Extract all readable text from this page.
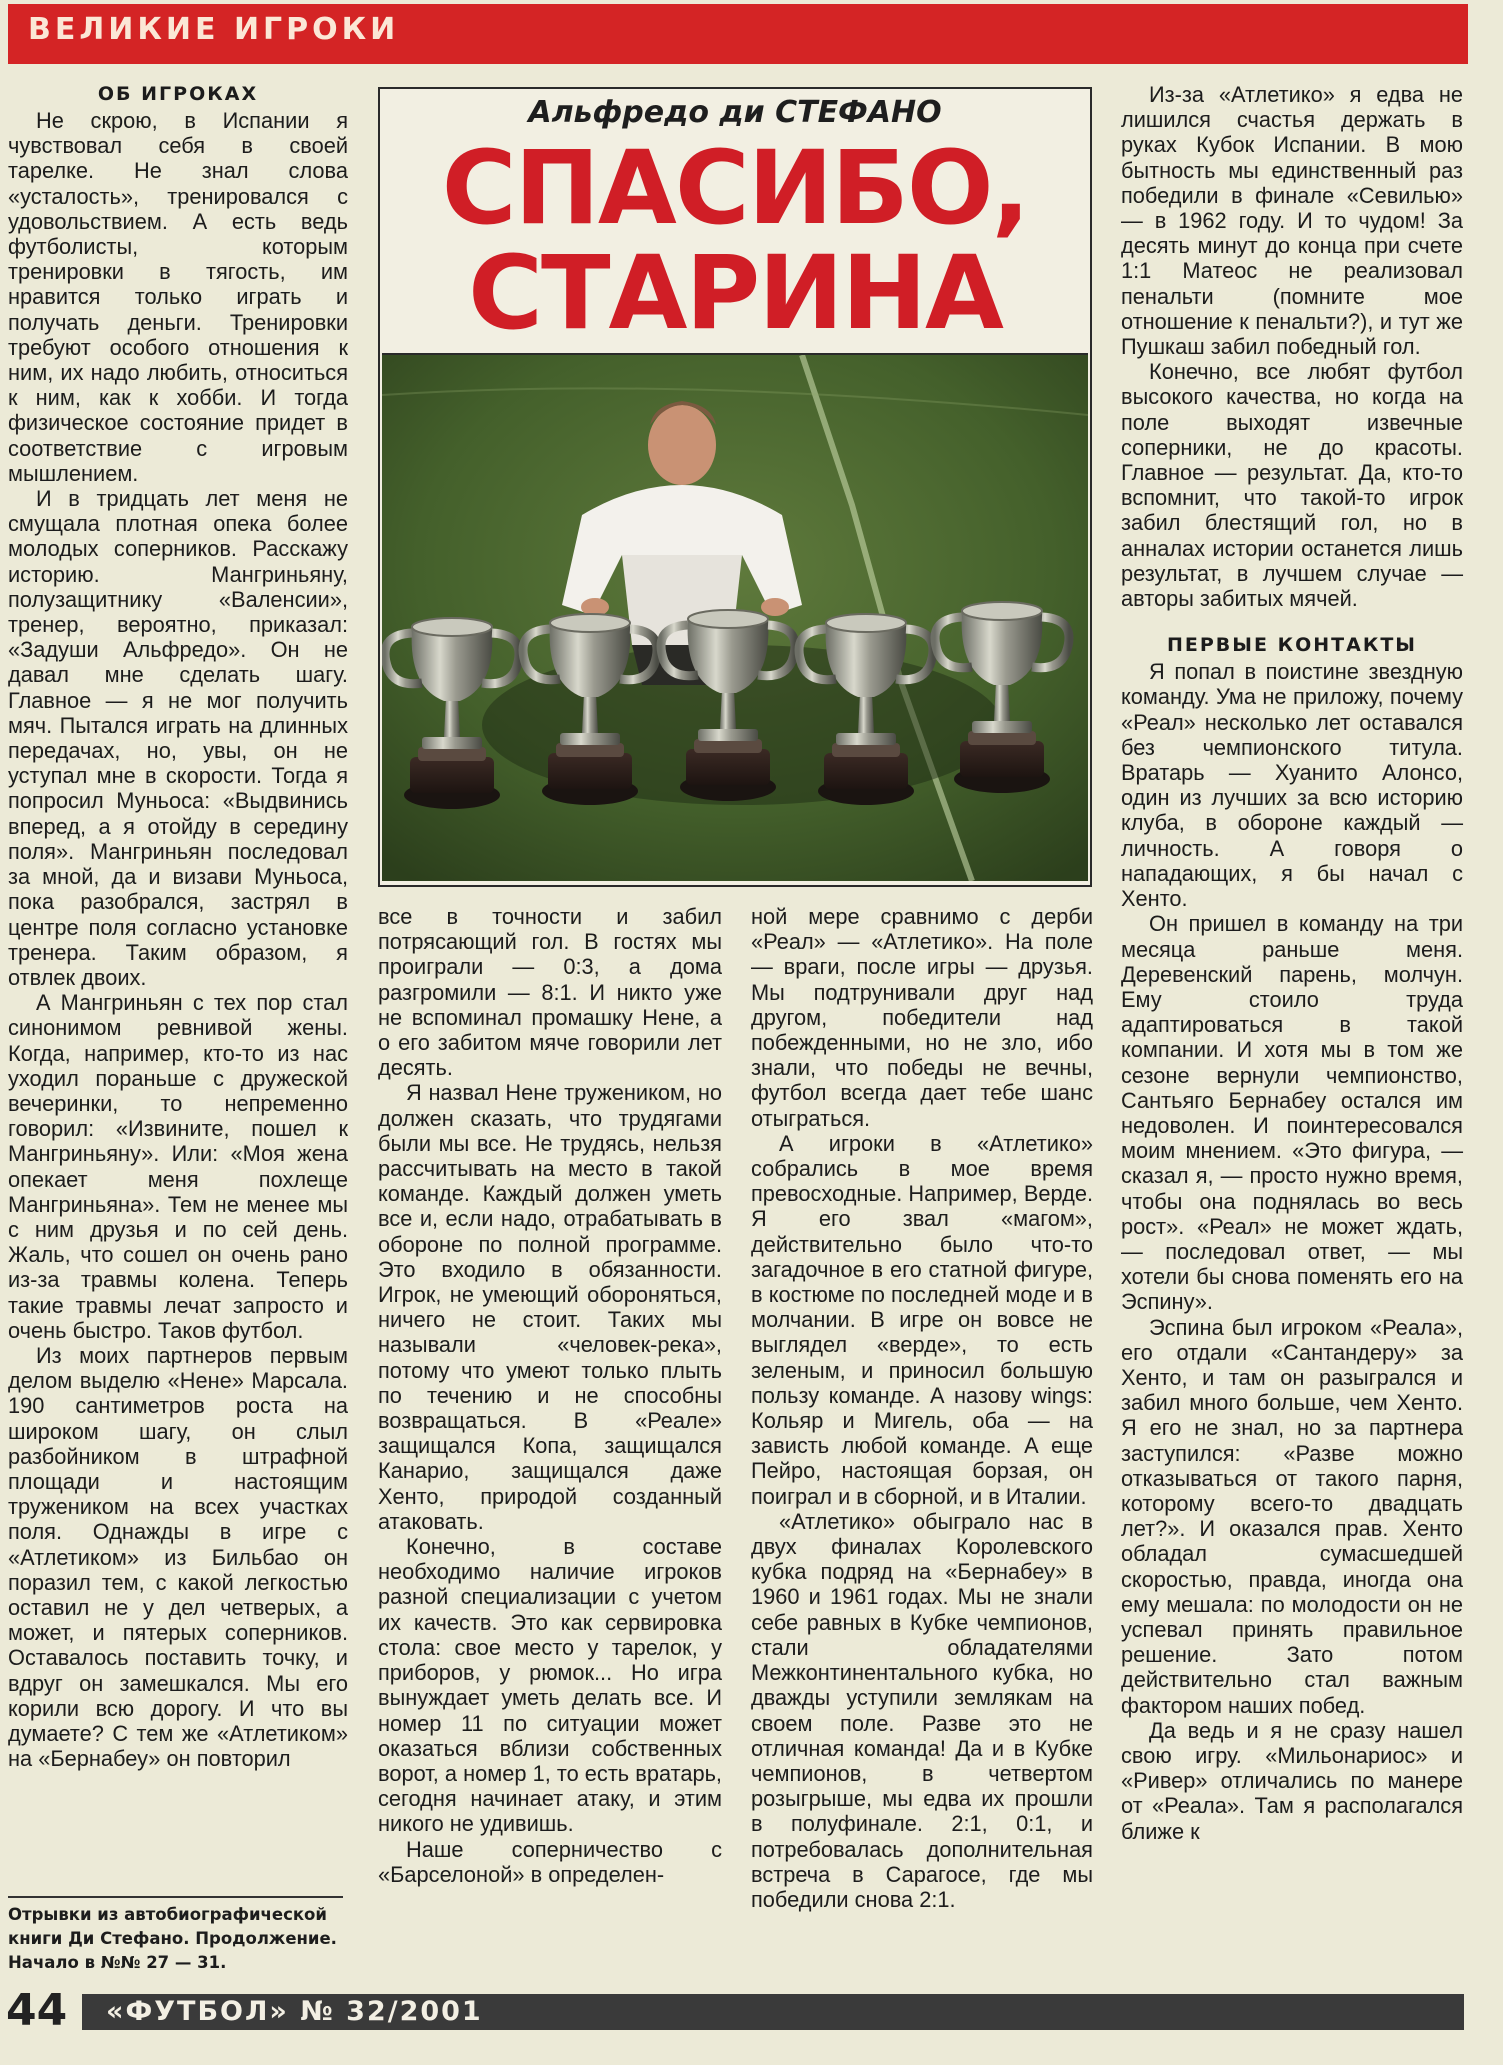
ВЕЛИКИЕ ИГРОКИ
ОБ ИГРОКАХ

Не скрою, в Испании я чувствовал себя в своей тарелке. Не знал слова «усталость», тренировался с удовольствием. А есть ведь футболисты, которым тренировки в тягость, им нравится только играть и получать деньги. Тренировки требуют особого отношения к ним, их надо любить, относиться к ним, как к хобби. И тогда физическое состояние придет в соответствие с игровым мышлением.

И в тридцать лет меня не смущала плотная опека более молодых соперников. Расскажу историю. Мангриньяну, полузащитнику «Валенсии», тренер, вероятно, приказал: «Задуши Альфредо». Он не давал мне сделать шагу. Главное — я не мог получить мяч. Пытался играть на длинных передачах, но, увы, он не уступал мне в скорости. Тогда я попросил Муньоса: «Выдвинись вперед, а я отойду в середину поля». Мангриньян последовал за мной, да и визави Муньоса, пока разобрался, застрял в центре поля согласно установке тренера. Таким образом, я отвлек двоих.

А Мангриньян с тех пор стал синонимом ревнивой жены. Когда, например, кто-то из нас уходил пораньше с дружеской вечеринки, то непременно говорил: «Извините, пошел к Мангриньяну». Или: «Моя жена опекает меня похлеще Мангриньяна». Тем не менее мы с ним друзья и по сей день. Жаль, что сошел он очень рано из-за травмы колена. Теперь такие травмы лечат запросто и очень быстро. Таков футбол.

Из моих партнеров первым делом выделю «Нене» Марсала. 190 сантиметров роста на широком шагу, он слыл разбойником в штрафной площади и настоящим тружеником на всех участках поля. Однажды в игре с «Атлетиком» из Бильбао он поразил тем, с какой легкостью оставил не у дел четверых, а может, и пятерых соперников. Оставалось поставить точку, и вдруг он замешкался. Мы его корили всю дорогу. И что вы думаете? С тем же «Атлетиком» на «Бернабеу» он повторил

Отрывки из автобиографической книги Ди Стефано. Продолжение. Начало в №№ 27 — 31.
Альфредо ди СТЕФАНО
СПАСИБО,
СТАРИНА

все в точности и забил потрясающий гол. В гостях мы проиграли — 0:3, а дома разгромили — 8:1. И никто уже не вспоминал промашку Нене, а о его забитом мяче говорили лет десять.

Я назвал Нене тружеником, но должен сказать, что трудягами были мы все. Не трудясь, нельзя рассчитывать на место в такой команде. Каждый должен уметь все и, если надо, отрабатывать в обороне по полной программе. Это входило в обязанности. Игрок, не умеющий обороняться, ничего не стоит. Таких мы называли «человек-река», потому что умеют только плыть по течению и не способны возвращаться. В «Реале» защищался Копа, защищался Канарио, защищался даже Хенто, природой созданный атаковать.

Конечно, в составе необходимо наличие игроков разной специализации с учетом их качеств. Это как сервировка стола: свое место у тарелок, у приборов, у рюмок... Но игра вынуждает уметь делать все. И номер 11 по ситуации может оказаться вблизи собственных ворот, а номер 1, то есть вратарь, сегодня начинает атаку, и этим никого не удивишь.

Наше соперничество с «Барселоной» в определен-

ной мере сравнимо с дерби «Реал» — «Атлетико». На поле — враги, после игры — друзья. Мы подтрунивали друг над другом, победители над побежденными, но не зло, ибо знали, что победы не вечны, футбол всегда дает тебе шанс отыграться.

А игроки в «Атлетико» собрались в мое время превосходные. Например, Верде. Я его звал «магом», действительно было что-то загадочное в его статной фигуре, в костюме по последней моде и в молчании. В игре он вовсе не выглядел «верде», то есть зеленым, и приносил большую пользу команде. А назову wings: Кольяр и Мигель, оба — на зависть любой команде. А еще Пейро, настоящая борзая, он поиграл и в сборной, и в Италии.

«Атлетико» обыграло нас в двух финалах Королевского кубка подряд на «Бернабеу» в 1960 и 1961 годах. Мы не знали себе равных в Кубке чемпионов, стали обладателями Межконтинентального кубка, но дважды уступили землякам на своем поле. Разве это не отличная команда! Да и в Кубке чемпионов, в четвертом розыгрыше, мы едва их прошли в полуфинале. 2:1, 0:1, и потребовалась дополнительная встреча в Сарагосе, где мы победили снова 2:1.

Из-за «Атлетико» я едва не лишился счастья держать в руках Кубок Испании. В мою бытность мы единственный раз победили в финале «Севилью» — в 1962 году. И то чудом! За десять минут до конца при счете 1:1 Матеос не реализовал пенальти (помните мое отношение к пенальти?), и тут же Пушкаш забил победный гол.

Конечно, все любят футбол высокого качества, но когда на поле выходят извечные соперники, не до красоты. Главное — результат. Да, кто-то вспомнит, что такой-то игрок забил блестящий гол, но в анналах истории останется лишь результат, в лучшем случае — авторы забитых мячей.

ПЕРВЫЕ КОНТАКТЫ

Я попал в поистине звездную команду. Ума не приложу, почему «Реал» несколько лет оставался без чемпионского титула. Вратарь — Хуанито Алонсо, один из лучших за всю историю клуба, в обороне каждый — личность. А говоря о нападающих, я бы начал с Хенто.

Он пришел в команду на три месяца раньше меня. Деревенский парень, молчун. Ему стоило труда адаптироваться в такой компании. И хотя мы в том же сезоне вернули чемпионство, Сантьяго Бернабеу остался им недоволен. И поинтересовался моим мнением. «Это фигура, — сказал я, — просто нужно время, чтобы она поднялась во весь рост». «Реал» не может ждать, — последовал ответ, — мы хотели бы снова поменять его на Эспину».

Эспина был игроком «Реала», его отдали «Сантандеру» за Хенто, и там он разыгрался и забил много больше, чем Хенто. Я его не знал, но за партнера заступился: «Разве можно отказываться от такого парня, которому всего-то двадцать лет?». И оказался прав. Хенто обладал сумасшедшей скоростью, правда, иногда она ему мешала: по молодости он не успевал принять правильное решение. Зато потом действительно стал важным фактором наших побед.

Да ведь и я не сразу нашел свою игру. «Мильонариос» и «Ривер» отличались по манере от «Реала». Там я располагался ближе к

44 «ФУТБОЛ» № 32/2001
